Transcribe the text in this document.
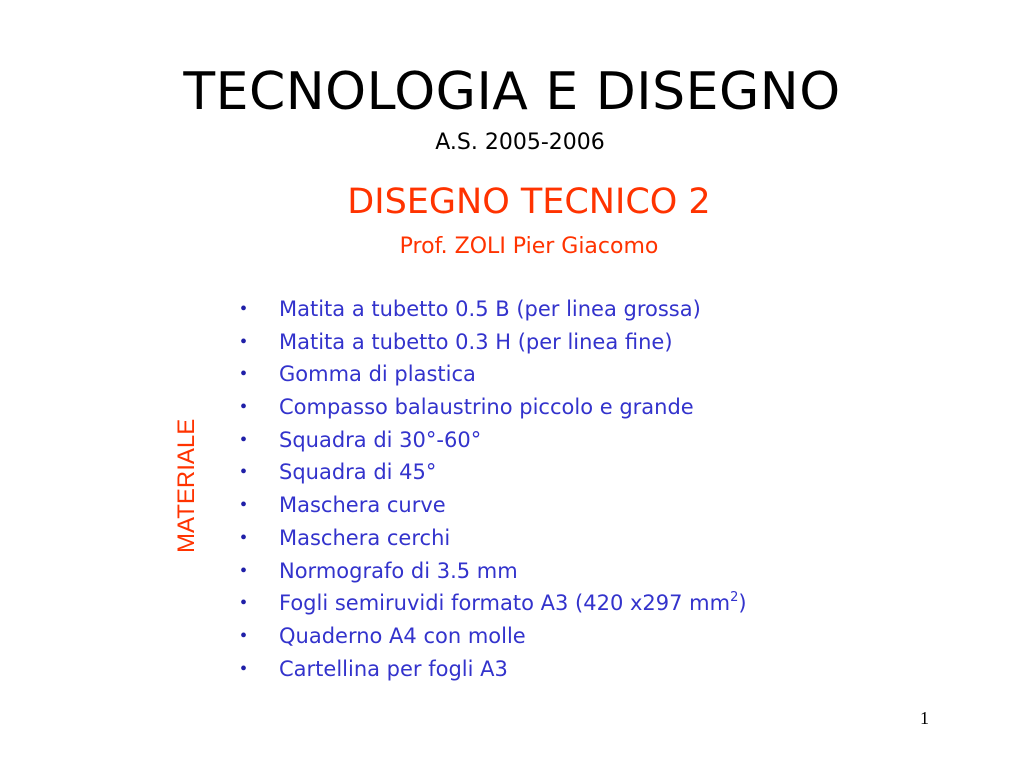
TECNOLOGIA E DISEGNO
A.S. 2005-2006
DISEGNO TECNICO 2
Prof. ZOLI Pier Giacomo
MATERIALE
• Matita a tubetto 0.5 B (per linea grossa)
• Matita a tubetto 0.3 H (per linea fine)
• Gomma di plastica
• Compasso balaustrino piccolo e grande
• Squadra di 30°-60°
• Squadra di 45°
• Maschera curve
• Maschera cerchi
• Normografo di 3.5 mm
• Fogli semiruvidi formato A3 (420 x297 $mm^2$)
• Quaderno A4 con molle
• Cartellina per fogli A3
1
